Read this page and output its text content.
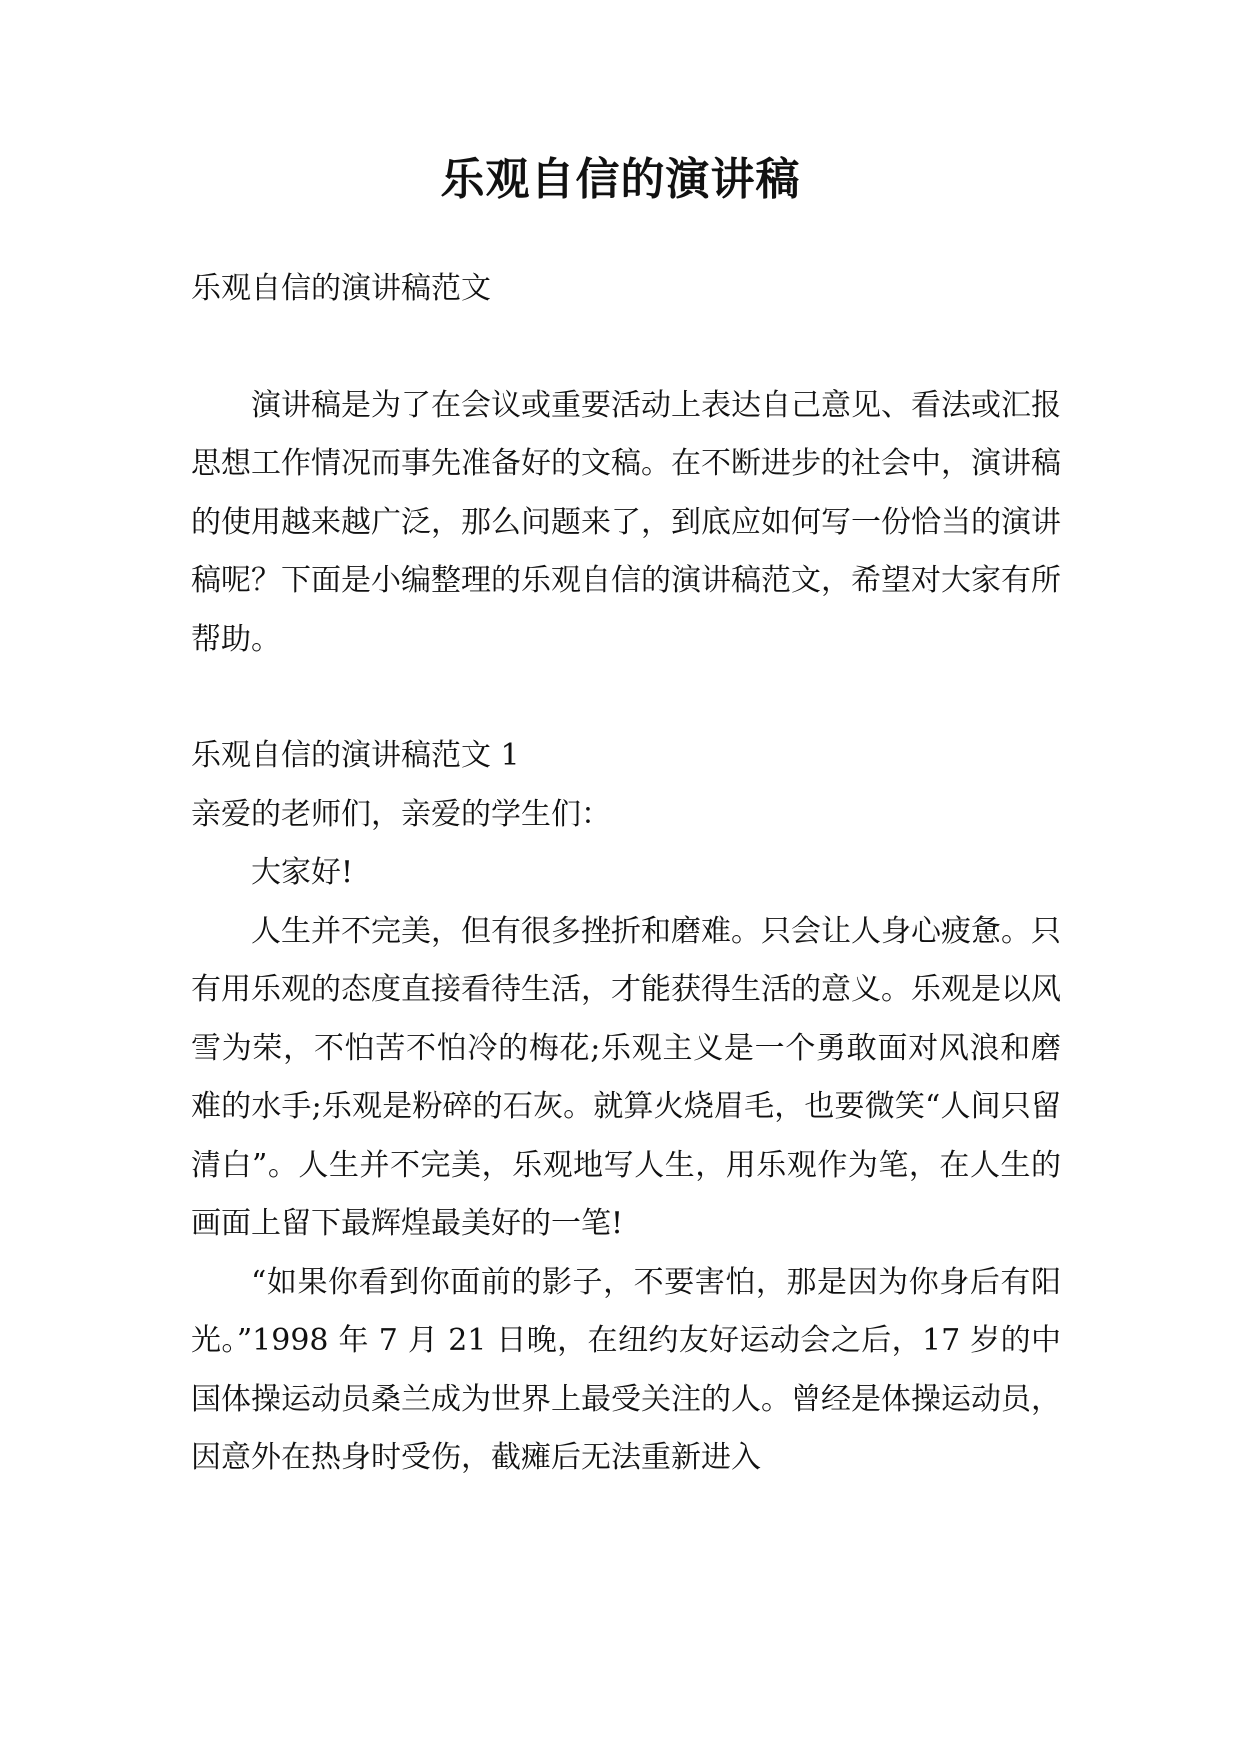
乐观自信的演讲稿

乐观自信的演讲稿范文

演讲稿是为了在会议或重要活动上表达自己意见、看法或汇报思想工作情况而事先准备好的文稿。在不断进步的社会中，演讲稿的使用越来越广泛，那么问题来了，到底应如何写一份恰当的演讲稿呢？下面是小编整理的乐观自信的演讲稿范文，希望对大家有所帮助。

乐观自信的演讲稿范文 1

亲爱的老师们，亲爱的学生们：

大家好!

人生并不完美，但有很多挫折和磨难。只会让人身心疲惫。只有用乐观的态度直接看待生活，才能获得生活的意义。乐观是以风雪为荣，不怕苦不怕冷的梅花;乐观主义是一个勇敢面对风浪和磨难的水手;乐观是粉碎的石灰。就算火烧眉毛，也要微笑“人间只留清白”。人生并不完美，乐观地写人生，用乐观作为笔，在人生的画面上留下最辉煌最美好的一笔!

“如果你看到你面前的影子，不要害怕，那是因为你身后有阳光。”1998 年 7 月 21 日晚，在纽约友好运动会之后，17 岁的中国体操运动员桑兰成为世界上最受关注的人。曾经是体操运动员，因意外在热身时受伤，截瘫后无法重新进入
